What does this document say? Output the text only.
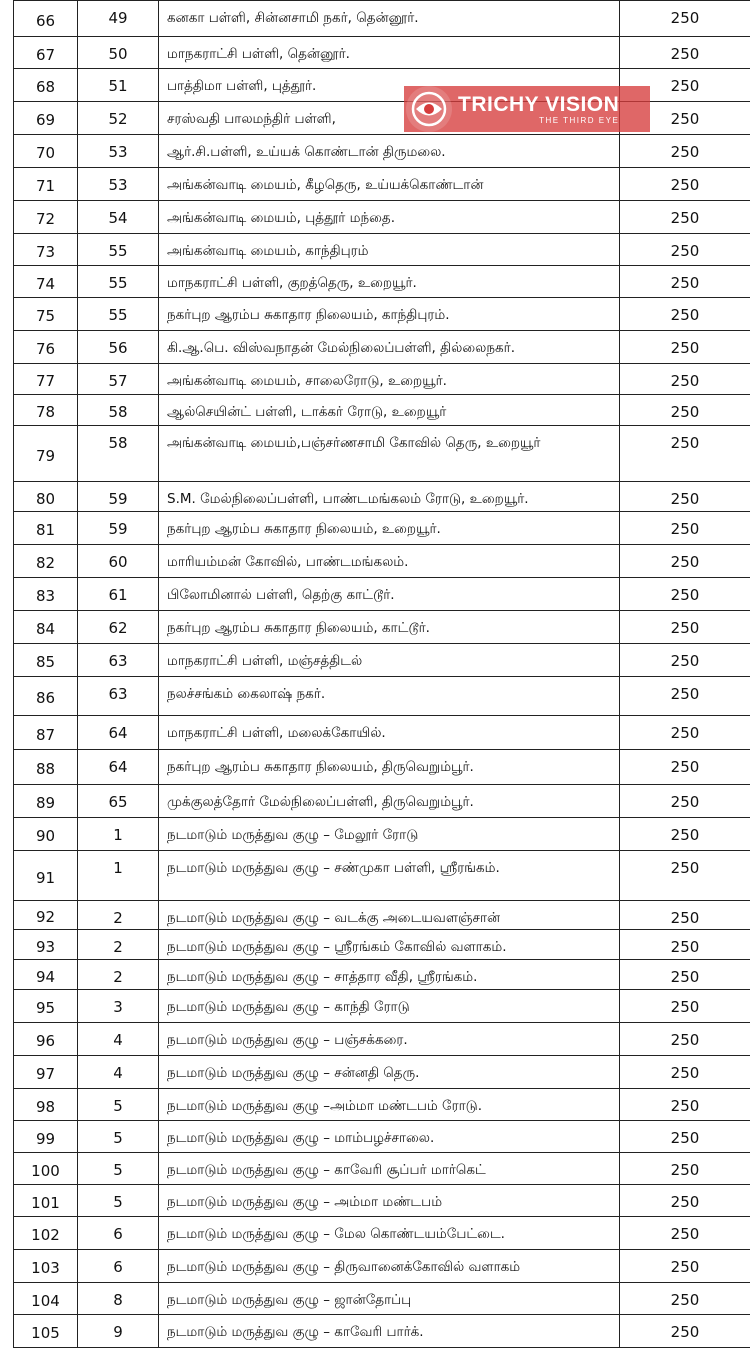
66	49	கனகா பள்ளி, சின்னசாமி நகர், தென்னூர்.	250	
67	50	மாநகராட்சி பள்ளி, தென்னூர்.	250	
68	51	பாத்திமா பள்ளி, புத்தூர்.	250	
69	52	சரஸ்வதி பாலமந்திர் பள்ளி,	250	
70	53	ஆர்.சி.பள்ளி, உய்யக் கொண்டான் திருமலை.	250	
71	53	அங்கன்வாடி மையம், கீழதெரு, உய்யக்கொண்டான்	250	
72	54	அங்கன்வாடி மையம், புத்தூர் மந்தை.	250	
73	55	அங்கன்வாடி மையம், காந்திபுரம்	250	
74	55	மாநகராட்சி பள்ளி, குறத்தெரு, உறையூர்.	250	
75	55	நகர்புற ஆரம்ப சுகாதார நிலையம், காந்திபுரம்.	250	
76	56	கி.ஆ.பெ. விஸ்வநாதன் மேல்நிலைப்பள்ளி, தில்லைநகர்.	250	
77	57	அங்கன்வாடி மையம், சாலைரோடு, உறையூர்.	250	
78	58	ஆல்செயின்ட் பள்ளி, டாக்கர் ரோடு, உறையூர்	250	
79	58	அங்கன்வாடி மையம்,பஞ்சர்ணசாமி கோவில் தெரு, உறையூர்	250	
80	59	S.M. மேல்நிலைப்பள்ளி, பாண்டமங்கலம் ரோடு, உறையூர்.	250	
81	59	நகர்புற ஆரம்ப சுகாதார நிலையம், உறையூர்.	250	
82	60	மாரியம்மன் கோவில், பாண்டமங்கலம்.	250	
83	61	பிலோமினால் பள்ளி, தெற்கு காட்டூர்.	250	
84	62	நகர்புற ஆரம்ப சுகாதார நிலையம், காட்டூர்.	250	
85	63	மாநகராட்சி பள்ளி, மஞ்சத்திடல்	250	
86	63	நலச்சங்கம் கைலாஷ் நகர்.	250	
87	64	மாநகராட்சி பள்ளி, மலைக்கோயில்.	250	
88	64	நகர்புற ஆரம்ப சுகாதார நிலையம், திருவெறும்பூர்.	250	
89	65	முக்குலத்தோர் மேல்நிலைப்பள்ளி, திருவெறும்பூர்.	250	
90	1	நடமாடும் மருத்துவ குழு – மேலூர் ரோடு	250	
91	1	நடமாடும் மருத்துவ குழு – சண்முகா பள்ளி, ஸ்ரீரங்கம்.	250	
92	2	நடமாடும் மருத்துவ குழு – வடக்கு அடையவளஞ்சான்	250	
93	2	நடமாடும் மருத்துவ குழு – ஸ்ரீரங்கம் கோவில் வளாகம்.	250	
94	2	நடமாடும் மருத்துவ குழு – சாத்தார வீதி, ஸ்ரீரங்கம்.	250	
95	3	நடமாடும் மருத்துவ குழு – காந்தி ரோடு	250	
96	4	நடமாடும் மருத்துவ குழு – பஞ்சக்கரை.	250	
97	4	நடமாடும் மருத்துவ குழு – சன்னதி தெரு.	250	
98	5	நடமாடும் மருத்துவ குழு –அம்மா மண்டபம் ரோடு.	250	
99	5	நடமாடும் மருத்துவ குழு – மாம்பழச்சாலை.	250	
100	5	நடமாடும் மருத்துவ குழு – காவேரி சூப்பர் மார்கெட்	250	
101	5	நடமாடும் மருத்துவ குழு – அம்மா மண்டபம்	250	
102	6	நடமாடும் மருத்துவ குழு – மேல கொண்டயம்பேட்டை.	250	
103	6	நடமாடும் மருத்துவ குழு – திருவானைக்கோவில் வளாகம்	250	
104	8	நடமாடும் மருத்துவ குழு – ஜான்தோப்பு	250	
105	9	நடமாடும் மருத்துவ குழு – காவேரி பார்க்.	250	
TRICHY VISION
THE THIRD EYE
